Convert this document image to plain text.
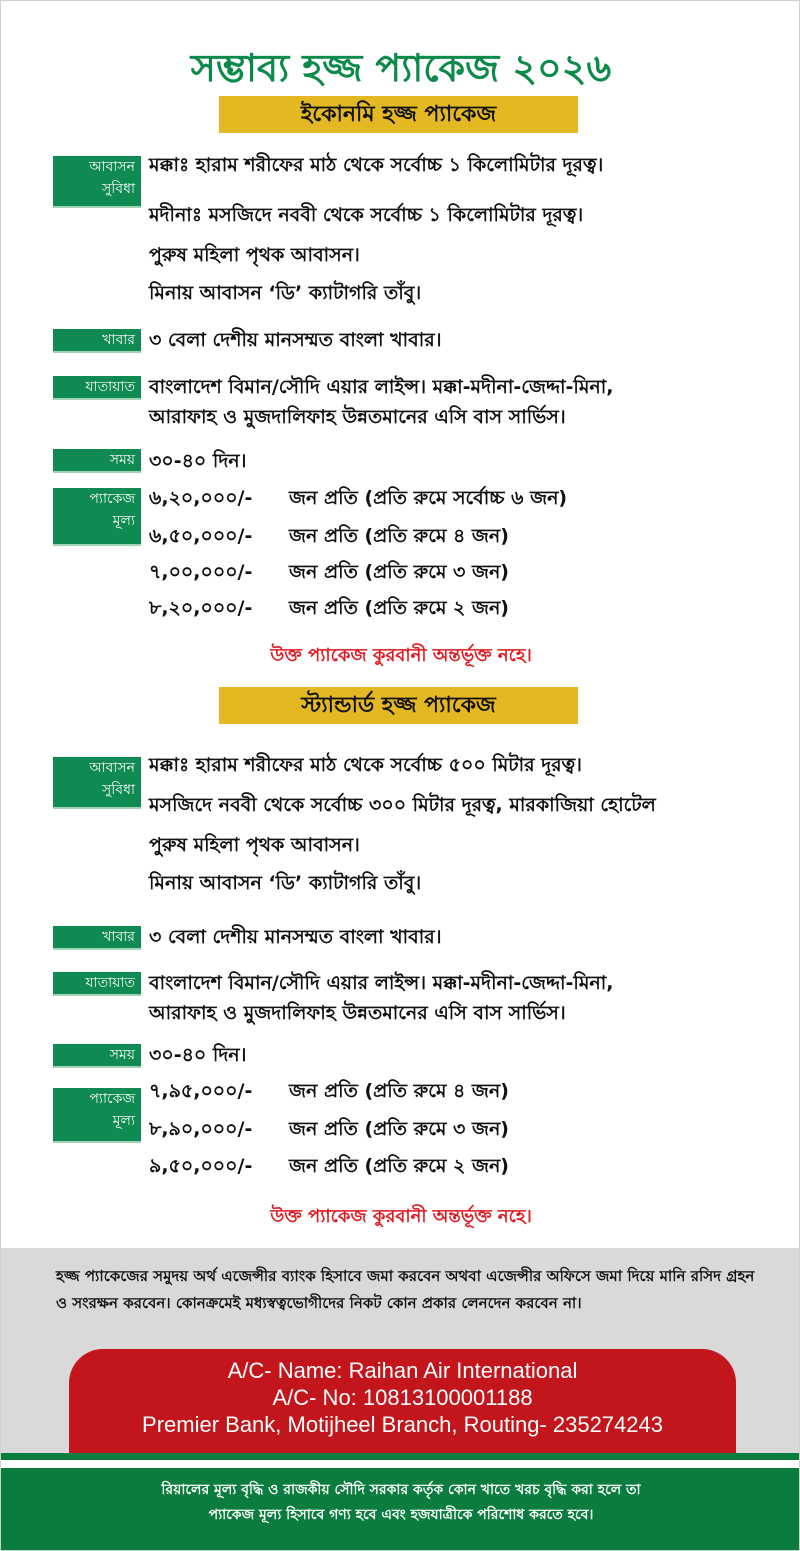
সম্ভাব্য হজ্জ প্যাকেজ ২০২৬
ইকোনমি হজ্জ প্যাকেজ
আবাসন
সুবিধা
মক্কাঃ হারাম শরীফের মাঠ থেকে সর্বোচ্চ ১ কিলোমিটার দূরত্ব।
মদীনাঃ মসজিদে নববী থেকে সর্বোচ্চ ১ কিলোমিটার দূরত্ব।
পুরুষ মহিলা পৃথক আবাসন।
মিনায় আবাসন ‘ডি’ ক্যাটাগরি তাঁবু।
খাবার ৩ বেলা দেশীয় মানসম্মত বাংলা খাবার।
যাতায়াত বাংলাদেশ বিমান/সৌদি এয়ার লাইন্স। মক্কা-মদীনা-জেদ্দা-মিনা,
আরাফাহ ও মুজদালিফাহ উন্নতমানের এসি বাস সার্ভিস।
সময় ৩০-৪০ দিন।
প্যাকেজ
মূল্য
৬,২০,০০০/- জন প্রতি (প্রতি রুমে সর্বোচ্চ ৬ জন)
৬,৫০,০০০/- জন প্রতি (প্রতি রুমে ৪ জন)
৭,০০,০০০/- জন প্রতি (প্রতি রুমে ৩ জন)
৮,২০,০০০/- জন প্রতি (প্রতি রুমে ২ জন)
উক্ত প্যাকেজ কুরবানী অন্তর্ভূক্ত নহে।
স্ট্যান্ডার্ড হজ্জ প্যাকেজ
আবাসন
সুবিধা
মক্কাঃ হারাম শরীফের মাঠ থেকে সর্বোচ্চ ৫০০ মিটার দূরত্ব।
মসজিদে নববী থেকে সর্বোচ্চ ৩০০ মিটার দূরত্ব, মারকাজিয়া হোটেল
পুরুষ মহিলা পৃথক আবাসন।
মিনায় আবাসন ‘ডি’ ক্যাটাগরি তাঁবু।
খাবার ৩ বেলা দেশীয় মানসম্মত বাংলা খাবার।
যাতায়াত বাংলাদেশ বিমান/সৌদি এয়ার লাইন্স। মক্কা-মদীনা-জেদ্দা-মিনা,
আরাফাহ ও মুজদালিফাহ উন্নতমানের এসি বাস সার্ভিস।
সময় ৩০-৪০ দিন।
প্যাকেজ
মূল্য
৭,৯৫,০০০/- জন প্রতি (প্রতি রুমে ৪ জন)
৮,৯০,০০০/- জন প্রতি (প্রতি রুমে ৩ জন)
৯,৫০,০০০/- জন প্রতি (প্রতি রুমে ২ জন)
উক্ত প্যাকেজ কুরবানী অন্তর্ভূক্ত নহে।
হজ্জ প্যাকেজের সমুদয় অর্থ এজেন্সীর ব্যাংক হিসাবে জমা করবেন অথবা এজেন্সীর অফিসে জমা দিয়ে মানি রসিদ গ্রহন ও সংরক্ষন করবেন। কোনক্রমেই মধ্যস্বত্বভোগীদের নিকট কোন প্রকার লেনদেন করবেন না।
A/C- Name: Raihan Air International
A/C- No: 10813100001188
Premier Bank, Motijheel Branch, Routing- 235274243
রিয়ালের মূল্য বৃদ্ধি ও রাজকীয় সৌদি সরকার কর্তৃক কোন খাতে খরচ বৃদ্ধি করা হলে তা
প্যাকেজ মূল্য হিসাবে গণ্য হবে এবং হজযাত্রীকে পরিশোধ করতে হবে।
